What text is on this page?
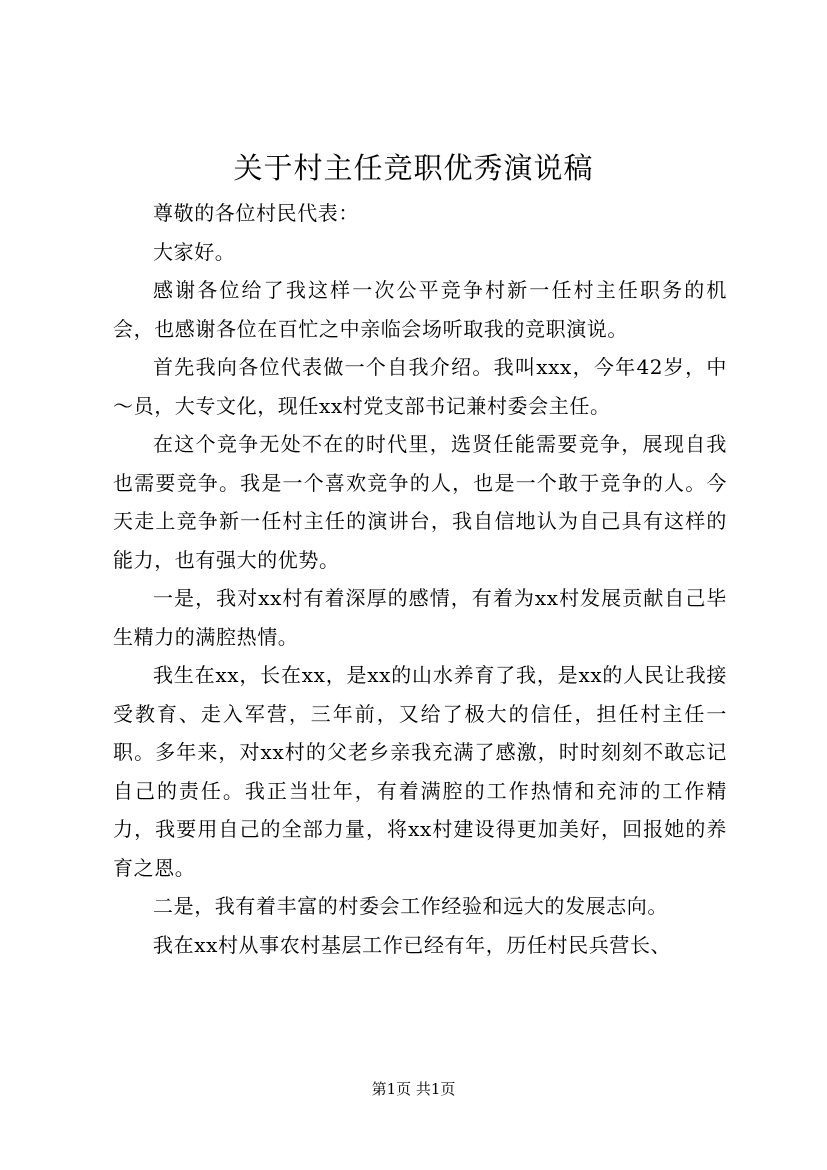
关于村主任竞职优秀演说稿

尊敬的各位村民代表：

大家好。

感谢各位给了我这样一次公平竞争村新一任村主任职务的机会，也感谢各位在百忙之中亲临会场听取我的竞职演说。

首先我向各位代表做一个自我介绍。我叫xxx，今年42岁，中～员，大专文化，现任xx村党支部书记兼村委会主任。

在这个竞争无处不在的时代里，选贤任能需要竞争，展现自我也需要竞争。我是一个喜欢竞争的人，也是一个敢于竞争的人。今天走上竞争新一任村主任的演讲台，我自信地认为自己具有这样的能力，也有强大的优势。

一是，我对xx村有着深厚的感情，有着为xx村发展贡献自己毕生精力的满腔热情。

我生在xx，长在xx，是xx的山水养育了我，是xx的人民让我接受教育、走入军营，三年前，又给了极大的信任，担任村主任一职。多年来，对xx村的父老乡亲我充满了感激，时时刻刻不敢忘记自己的责任。我正当壮年，有着满腔的工作热情和充沛的工作精力，我要用自己的全部力量，将xx村建设得更加美好，回报她的养育之恩。

二是，我有着丰富的村委会工作经验和远大的发展志向。

我在xx村从事农村基层工作已经有年，历任村民兵营长、

第1页 共1页
